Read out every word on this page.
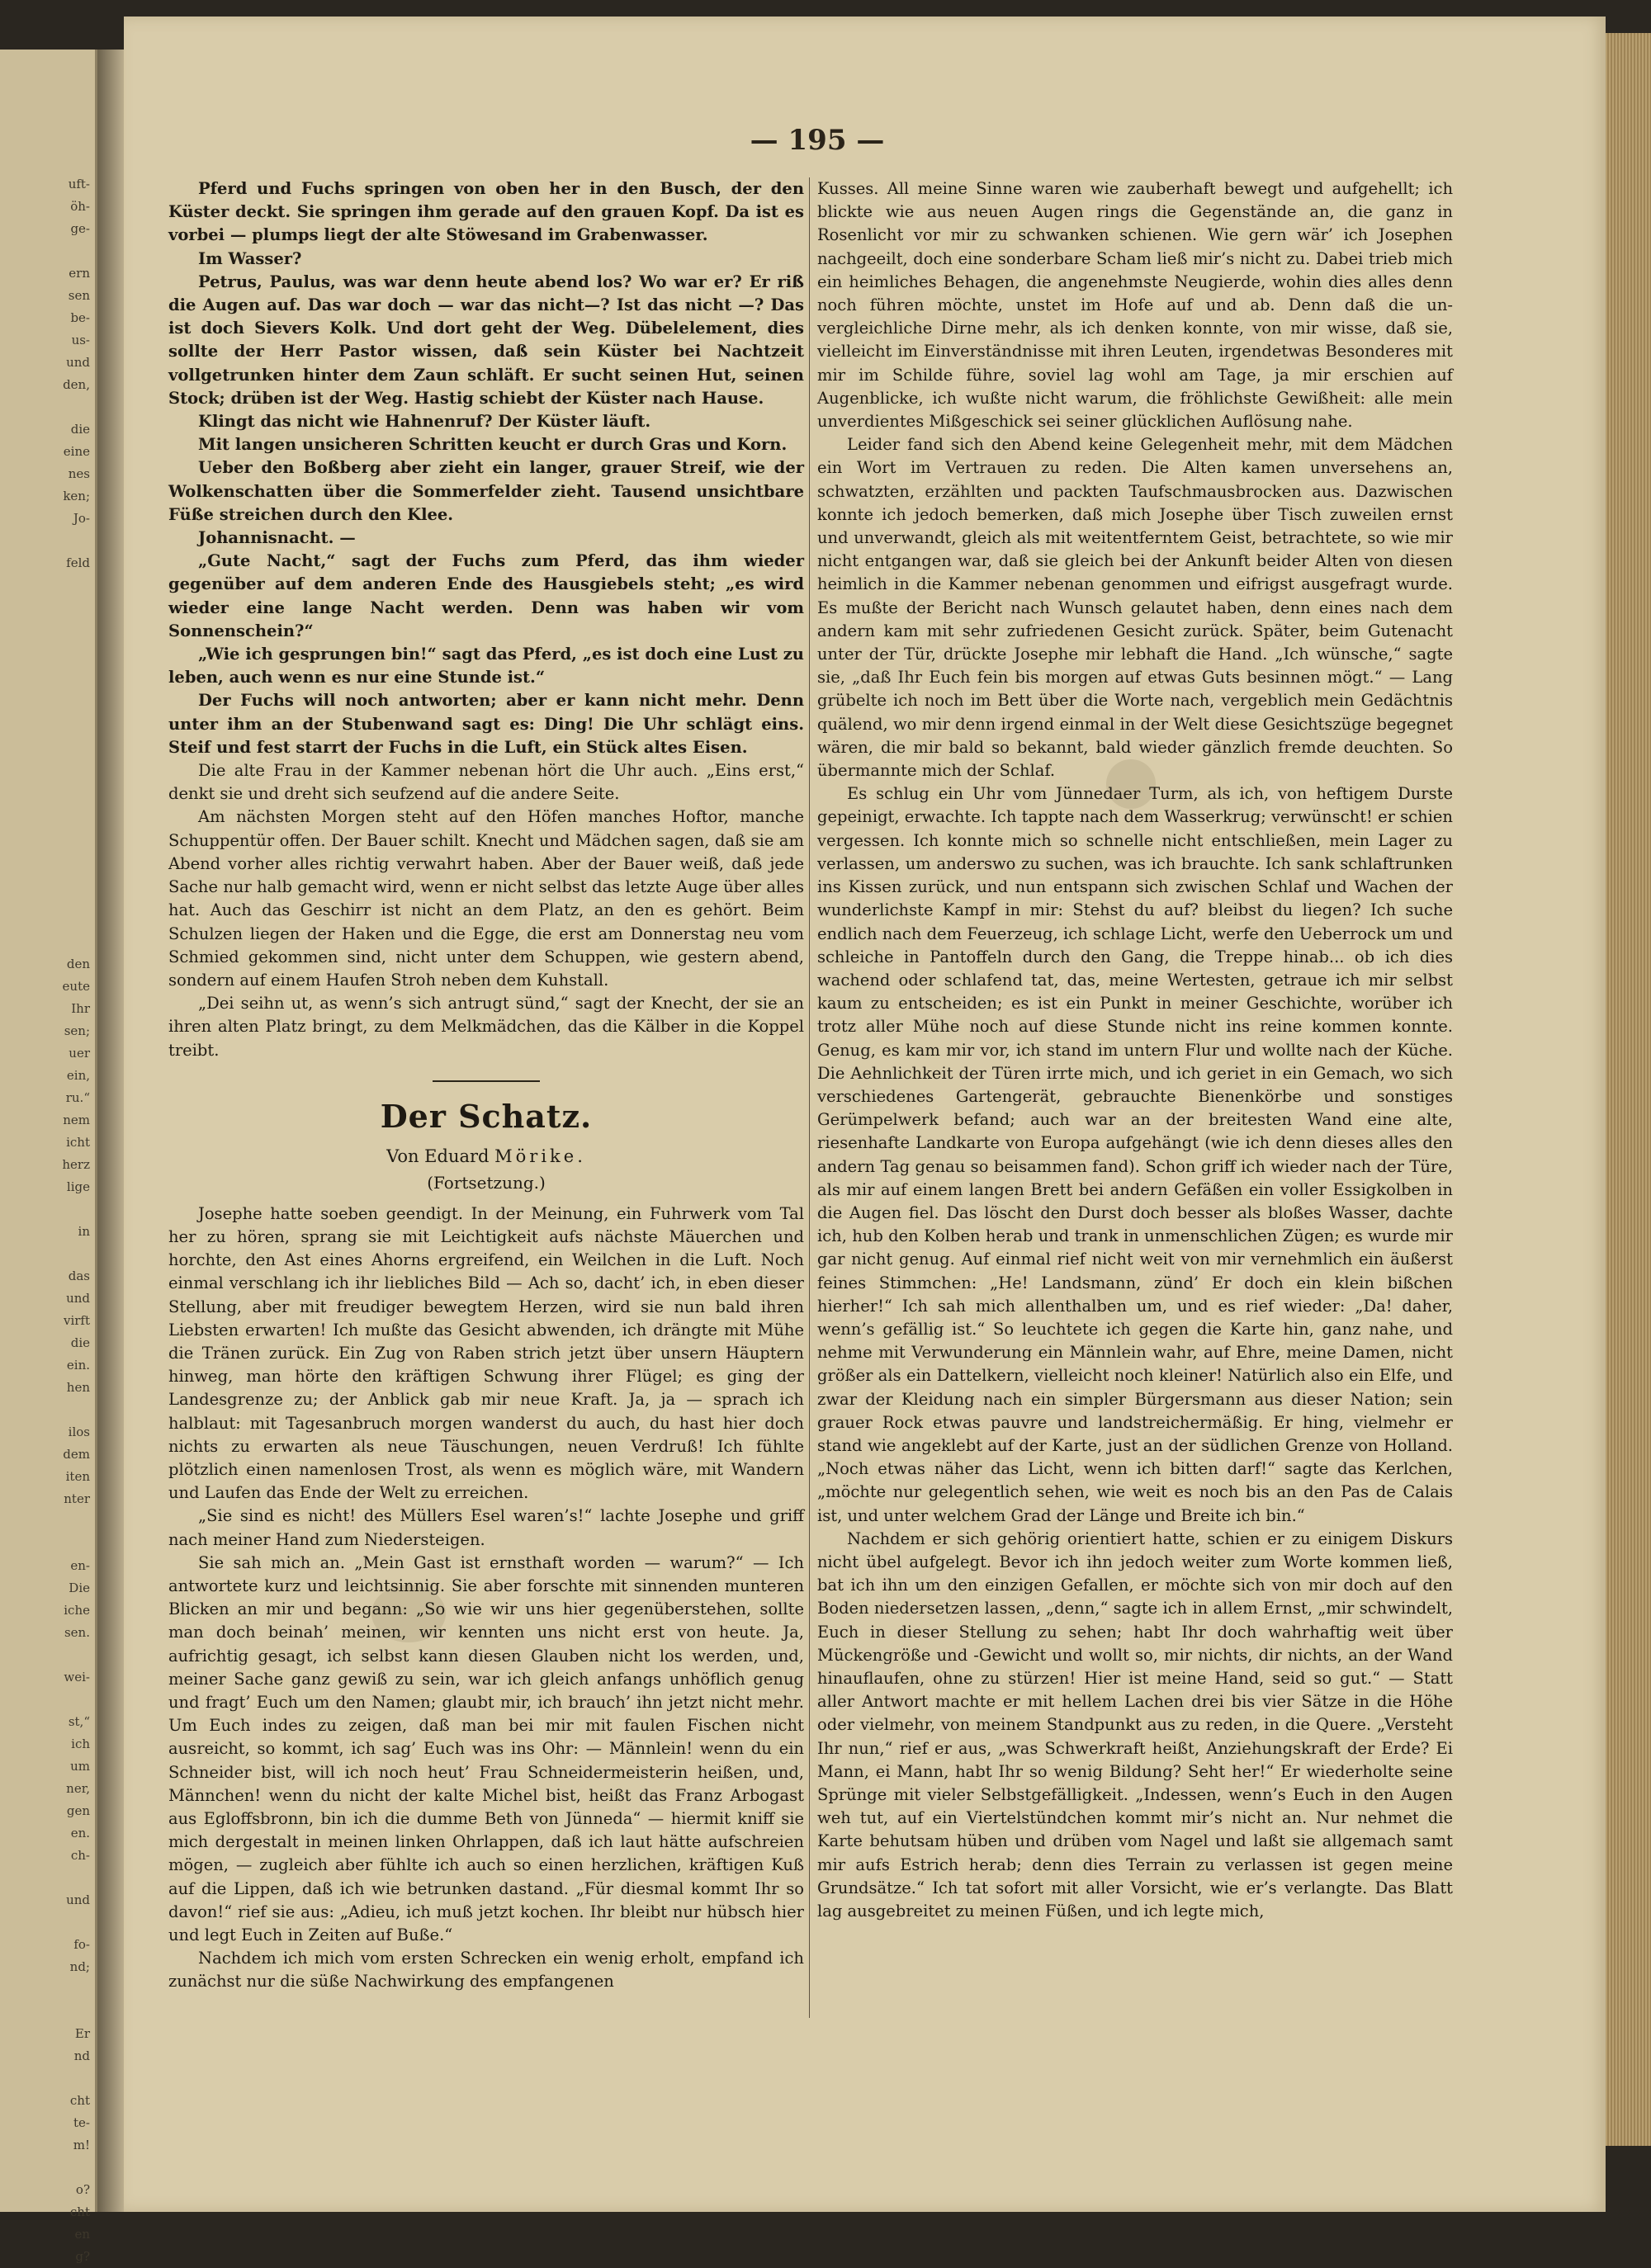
uft-
öh-
ge-
ern
sen
be-
us-
und
den,
die
eine
nes
ken;
Jo-
feld
den
eute
Ihr
sen;
uer
ein,
ru.“
nem
icht
herz
lige
in
das
und
virft
die
ein.
hen
ilos
dem
iten
nter
en-
Die
iche
sen.
wei-
st,“
ich
um
ner,
gen
en.
ch-
und
fo-
nd;
Er
nd
cht
te-
m!
o?
cht
en
g?
— 195 —

Pferd und Fuchs springen von oben her in den Busch, der den Küster deckt. Sie springen ihm gerade auf den grauen Kopf. Da ist es vorbei — plumps liegt der alte Stöwesand im Grabenwasser.

Im Wasser?

Petrus, Paulus, was war denn heute abend los? Wo war er? Er riß die Augen auf. Das war doch — war das nicht—? Ist das nicht —? Das ist doch Sievers Kolk. Und dort geht der Weg. Dübelelement, dies sollte der Herr Pastor wissen, daß sein Küster bei Nachtzeit vollgetrunken hinter dem Zaun schläft. Er sucht seinen Hut, seinen Stock; drüben ist der Weg. Hastig schiebt der Küster nach Hause.

Klingt das nicht wie Hahnenruf? Der Küster läuft.

Mit langen unsicheren Schritten keucht er durch Gras und Korn.

Ueber den Boßberg aber zieht ein langer, grauer Streif, wie der Wolkenschatten über die Sommerfelder zieht. Tausend unsichtbare Füße streichen durch den Klee.

Johannisnacht. —

„Gute Nacht,“ sagt der Fuchs zum Pferd, das ihm wieder gegenüber auf dem anderen Ende des Hausgiebels steht; „es wird wieder eine lange Nacht werden. Denn was haben wir vom Sonnenschein?“

„Wie ich gesprungen bin!“ sagt das Pferd, „es ist doch eine Lust zu leben, auch wenn es nur eine Stunde ist.“

Der Fuchs will noch antworten; aber er kann nicht mehr. Denn unter ihm an der Stubenwand sagt es: Ding! Die Uhr schlägt eins. Steif und fest starrt der Fuchs in die Luft, ein Stück altes Eisen.

Die alte Frau in der Kammer nebenan hört die Uhr auch. „Eins erst,“ denkt sie und dreht sich seufzend auf die andere Seite.

Am nächsten Morgen steht auf den Höfen manches Hoftor, manche Schuppentür offen. Der Bauer schilt. Knecht und Mädchen sagen, daß sie am Abend vorher alles richtig verwahrt haben. Aber der Bauer weiß, daß jede Sache nur halb gemacht wird, wenn er nicht selbst das letzte Auge über alles hat. Auch das Geschirr ist nicht an dem Platz, an den es gehört. Beim Schulzen liegen der Haken und die Egge, die erst am Donnerstag neu vom Schmied gekommen sind, nicht unter dem Schuppen, wie gestern abend, sondern auf einem Haufen Stroh neben dem Kuhstall.

„Dei seihn ut, as wenn’s sich antrugt sünd,“ sagt der Knecht, der sie an ihren alten Platz bringt, zu dem Melkmädchen, das die Kälber in die Koppel treibt.

Der Schatz.
Von Eduard Mörike.
(Fortsetzung.)

Josephe hatte soeben geendigt. In der Meinung, ein Fuhrwerk vom Tal her zu hören, sprang sie mit Leichtigkeit aufs nächste Mäuerchen und horchte, den Ast eines Ahorns ergreifend, ein Weilchen in die Luft. Noch einmal verschlang ich ihr liebliches Bild — Ach so, dacht’ ich, in eben dieser Stellung, aber mit freudiger bewegtem Herzen, wird sie nun bald ihren Liebsten erwarten! Ich mußte das Gesicht abwenden, ich drängte mit Mühe die Tränen zurück. Ein Zug von Raben strich jetzt über unsern Häuptern hinweg, man hörte den kräftigen Schwung ihrer Flügel; es ging der Landesgrenze zu; der Anblick gab mir neue Kraft. Ja, ja — sprach ich halblaut: mit Tagesanbruch morgen wanderst du auch, du hast hier doch nichts zu erwarten als neue Täuschungen, neuen Verdruß! Ich fühlte plötzlich einen namenlosen Trost, als wenn es möglich wäre, mit Wandern und Laufen das Ende der Welt zu erreichen.

„Sie sind es nicht! des Müllers Esel waren’s!“ lachte Josephe und griff nach meiner Hand zum Niedersteigen.

Sie sah mich an. „Mein Gast ist ernsthaft worden — warum?“ — Ich antwortete kurz und leichtsinnig. Sie aber forschte mit sinnenden munteren Blicken an mir und begann: „So wie wir uns hier gegenüberstehen, sollte man doch beinah’ meinen, wir kennten uns nicht erst von heute. Ja, aufrichtig gesagt, ich selbst kann diesen Glauben nicht los werden, und, meiner Sache ganz gewiß zu sein, war ich gleich anfangs unhöflich genug und fragt’ Euch um den Namen; glaubt mir, ich brauch’ ihn jetzt nicht mehr. Um Euch indes zu zeigen, daß man bei mir mit faulen Fischen nicht ausreicht, so kommt, ich sag’ Euch was ins Ohr: — Männlein! wenn du ein Schneider bist, will ich noch heut’ Frau Schneidermeisterin heißen, und, Männchen! wenn du nicht der kalte Michel bist, heißt das Franz Arbogast aus Egloffsbronn, bin ich die dumme Beth von Jünneda“ — hiermit kniff sie mich dergestalt in meinen linken Ohrlappen, daß ich laut hätte aufschreien mögen, — zugleich aber fühlte ich auch so einen herzlichen, kräftigen Kuß auf die Lippen, daß ich wie betrunken dastand. „Für diesmal kommt Ihr so davon!“ rief sie aus: „Adieu, ich muß jetzt kochen. Ihr bleibt nur hübsch hier und legt Euch in Zeiten auf Buße.“

Nachdem ich mich vom ersten Schrecken ein wenig erholt, empfand ich zunächst nur die süße Nachwirkung des empfangenen

Kusses. All meine Sinne waren wie zauberhaft bewegt und aufgehellt; ich blickte wie aus neuen Augen rings die Gegenstände an, die ganz in Rosenlicht vor mir zu schwanken schienen. Wie gern wär’ ich Josephen nachgeeilt, doch eine sonderbare Scham ließ mir’s nicht zu. Dabei trieb mich ein heimliches Behagen, die angenehmste Neugierde, wohin dies alles denn noch führen möchte, unstet im Hofe auf und ab. Denn daß die unvergleichliche Dirne mehr, als ich denken konnte, von mir wisse, daß sie, vielleicht im Einverständnisse mit ihren Leuten, irgendetwas Besonderes mit mir im Schilde führe, soviel lag wohl am Tage, ja mir erschien auf Augenblicke, ich wußte nicht warum, die fröhlichste Gewißheit: alle mein unverdientes Mißgeschick sei seiner glücklichen Auflösung nahe.

Leider fand sich den Abend keine Gelegenheit mehr, mit dem Mädchen ein Wort im Vertrauen zu reden. Die Alten kamen unversehens an, schwatzten, erzählten und packten Taufschmausbrocken aus. Dazwischen konnte ich jedoch bemerken, daß mich Josephe über Tisch zuweilen ernst und unverwandt, gleich als mit weitentferntem Geist, betrachtete, so wie mir nicht entgangen war, daß sie gleich bei der Ankunft beider Alten von diesen heimlich in die Kammer nebenan genommen und eifrigst ausgefragt wurde. Es mußte der Bericht nach Wunsch gelautet haben, denn eines nach dem andern kam mit sehr zufriedenen Gesicht zurück. Später, beim Gutenacht unter der Tür, drückte Josephe mir lebhaft die Hand. „Ich wünsche,“ sagte sie, „daß Ihr Euch fein bis morgen auf etwas Guts besinnen mögt.“ — Lang grübelte ich noch im Bett über die Worte nach, vergeblich mein Gedächtnis quälend, wo mir denn irgend einmal in der Welt diese Gesichtszüge begegnet wären, die mir bald so bekannt, bald wieder gänzlich fremde deuchten. So übermannte mich der Schlaf.

Es schlug ein Uhr vom Jünnedaer Turm, als ich, von heftigem Durste gepeinigt, erwachte. Ich tappte nach dem Wasserkrug; verwünscht! er schien vergessen. Ich konnte mich so schnelle nicht entschließen, mein Lager zu verlassen, um anderswo zu suchen, was ich brauchte. Ich sank schlaftrunken ins Kissen zurück, und nun entspann sich zwischen Schlaf und Wachen der wunderlichste Kampf in mir: Stehst du auf? bleibst du liegen? Ich suche endlich nach dem Feuerzeug, ich schlage Licht, werfe den Ueberrock um und schleiche in Pantoffeln durch den Gang, die Treppe hinab... ob ich dies wachend oder schlafend tat, das, meine Wertesten, getraue ich mir selbst kaum zu entscheiden; es ist ein Punkt in meiner Geschichte, worüber ich trotz aller Mühe noch auf diese Stunde nicht ins reine kommen konnte. Genug, es kam mir vor, ich stand im untern Flur und wollte nach der Küche. Die Aehnlichkeit der Türen irrte mich, und ich geriet in ein Gemach, wo sich verschiedenes Gartengerät, gebrauchte Bienenkörbe und sonstiges Gerümpelwerk befand; auch war an der breitesten Wand eine alte, riesenhafte Landkarte von Europa aufgehängt (wie ich denn dieses alles den andern Tag genau so beisammen fand). Schon griff ich wieder nach der Türe, als mir auf einem langen Brett bei andern Gefäßen ein voller Essigkolben in die Augen fiel. Das löscht den Durst doch besser als bloßes Wasser, dachte ich, hub den Kolben herab und trank in unmenschlichen Zügen; es wurde mir gar nicht genug. Auf einmal rief nicht weit von mir vernehmlich ein äußerst feines Stimmchen: „He! Landsmann, zünd’ Er doch ein klein bißchen hierher!“ Ich sah mich allenthalben um, und es rief wieder: „Da! daher, wenn’s gefällig ist.“ So leuchtete ich gegen die Karte hin, ganz nahe, und nehme mit Verwunderung ein Männlein wahr, auf Ehre, meine Damen, nicht größer als ein Dattelkern, vielleicht noch kleiner! Natürlich also ein Elfe, und zwar der Kleidung nach ein simpler Bürgersmann aus dieser Nation; sein grauer Rock etwas pauvre und landstreichermäßig. Er hing, vielmehr er stand wie angeklebt auf der Karte, just an der südlichen Grenze von Holland. „Noch etwas näher das Licht, wenn ich bitten darf!“ sagte das Kerlchen, „möchte nur gelegentlich sehen, wie weit es noch bis an den Pas de Calais ist, und unter welchem Grad der Länge und Breite ich bin.“

Nachdem er sich gehörig orientiert hatte, schien er zu einigem Diskurs nicht übel aufgelegt. Bevor ich ihn jedoch weiter zum Worte kommen ließ, bat ich ihn um den einzigen Gefallen, er möchte sich von mir doch auf den Boden niedersetzen lassen, „denn,“ sagte ich in allem Ernst, „mir schwindelt, Euch in dieser Stellung zu sehen; habt Ihr doch wahrhaftig weit über Mückengröße und -Gewicht und wollt so, mir nichts, dir nichts, an der Wand hinauflaufen, ohne zu stürzen! Hier ist meine Hand, seid so gut.“ — Statt aller Antwort machte er mit hellem Lachen drei bis vier Sätze in die Höhe oder vielmehr, von meinem Standpunkt aus zu reden, in die Quere. „Versteht Ihr nun,“ rief er aus, „was Schwerkraft heißt, Anziehungskraft der Erde? Ei Mann, ei Mann, habt Ihr so wenig Bildung? Seht her!“ Er wiederholte seine Sprünge mit vieler Selbstgefälligkeit. „Indessen, wenn’s Euch in den Augen weh tut, auf ein Viertelstündchen kommt mir’s nicht an. Nur nehmet die Karte behutsam hüben und drüben vom Nagel und laßt sie allgemach samt mir aufs Estrich herab; denn dies Terrain zu verlassen ist gegen meine Grundsätze.“ Ich tat sofort mit aller Vorsicht, wie er’s verlangte. Das Blatt lag ausgebreitet zu meinen Füßen, und ich legte mich,
